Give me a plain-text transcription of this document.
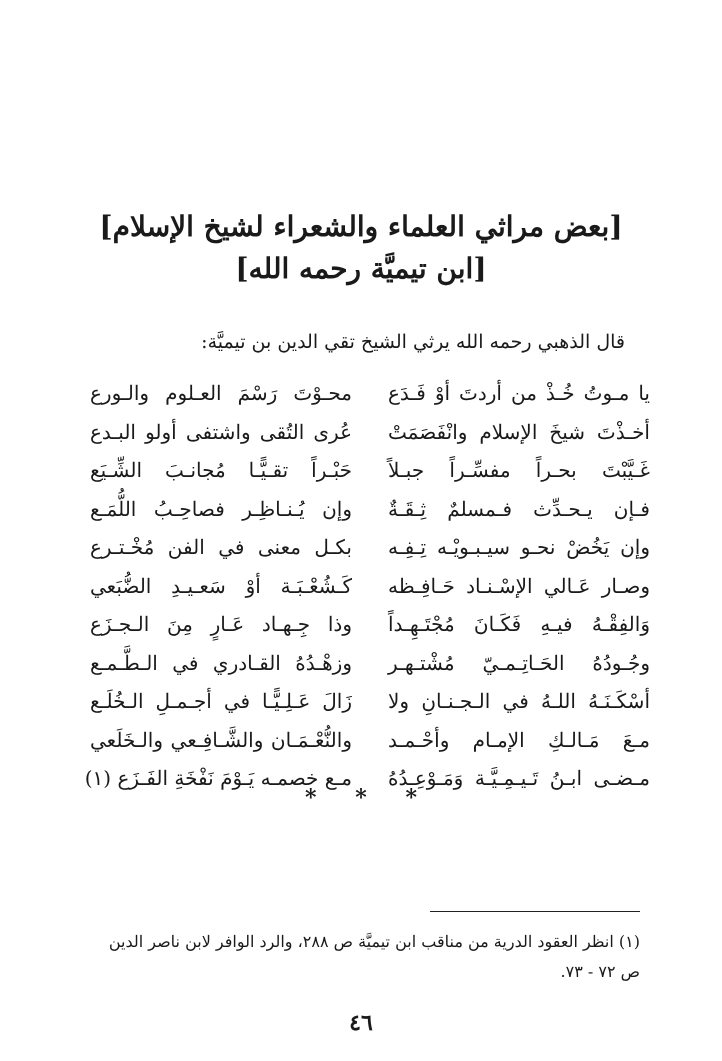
[بعض مراثي العلماء والشعراء لشيخ الإسلام]
[ابن تيميَّة رحمه الله]
قال الذهبي رحمه الله يرثي الشيخ تقي الدين بن تيميَّة:
يا مـوتُ خُـذْ من أردتَ أوْ فَـدَع
محـوْتَ رَسْمَ العـلوم والـورع
أخـذْتَ شيخَ الإسلام وانْفَصَمَتْ
عُرى التُقى واشتفى أولو البـدع
غَـيَّبْتَ بحـراً مفسِّـراً جبـلاً
حَبْـراً تقـيًّـا مُجانـبَ الشِّـيَع
فـإن يـحـدِّث فـمسلمٌ ثِـقَـةٌ
وإن يُـنـاظِـر فصاحِـبُ اللُّمَـع
وإن يَخُضْ نحـو سيـبـويْـه تِـفِـه
بكـل معنى في الفن مُخْـتـرع
وصـار عَـالي الإسْـنـاد حَـافِـظه
كَـشُعْـبَـة أوْ سَعـيـدِ الضُّبَعي
وَالفِقْـهُ فيـهِ فَكَـانَ مُجْتَـهِـداً
وذا جِـهـاد عَـارٍ مِنَ الـجـزَع
وجُـودُهُ الحَـاتِـمـيّ مُشْتـهـر
وزهْـدُهُ القـادري في الـطَّـمـع
أسْكَـنَـهُ اللـهُ في الـجـنـانِ ولا
زَالَ عَـلِـيًّـا في أجـمـلِ الـخُلَـع
مـعَ مَـالـكِ الإمـام وأحْـمـد
والنُّعْـمَـان والشَّـافِـعي والـخَلَعي
مـضـى ابـنُ تَـيـمِـيَّـة وَمَـوْعِـدُهُ
مـع خصمـه يَـوْمَ نَفْخَةِ الفَـزَع (١)
* * *
(١) انظر العقود الدرية من مناقب ابن تيميَّة ص ٢٨٨، والرد الوافر لابن ناصر الدين
ص ٧٢ - ٧٣.
٤٦
